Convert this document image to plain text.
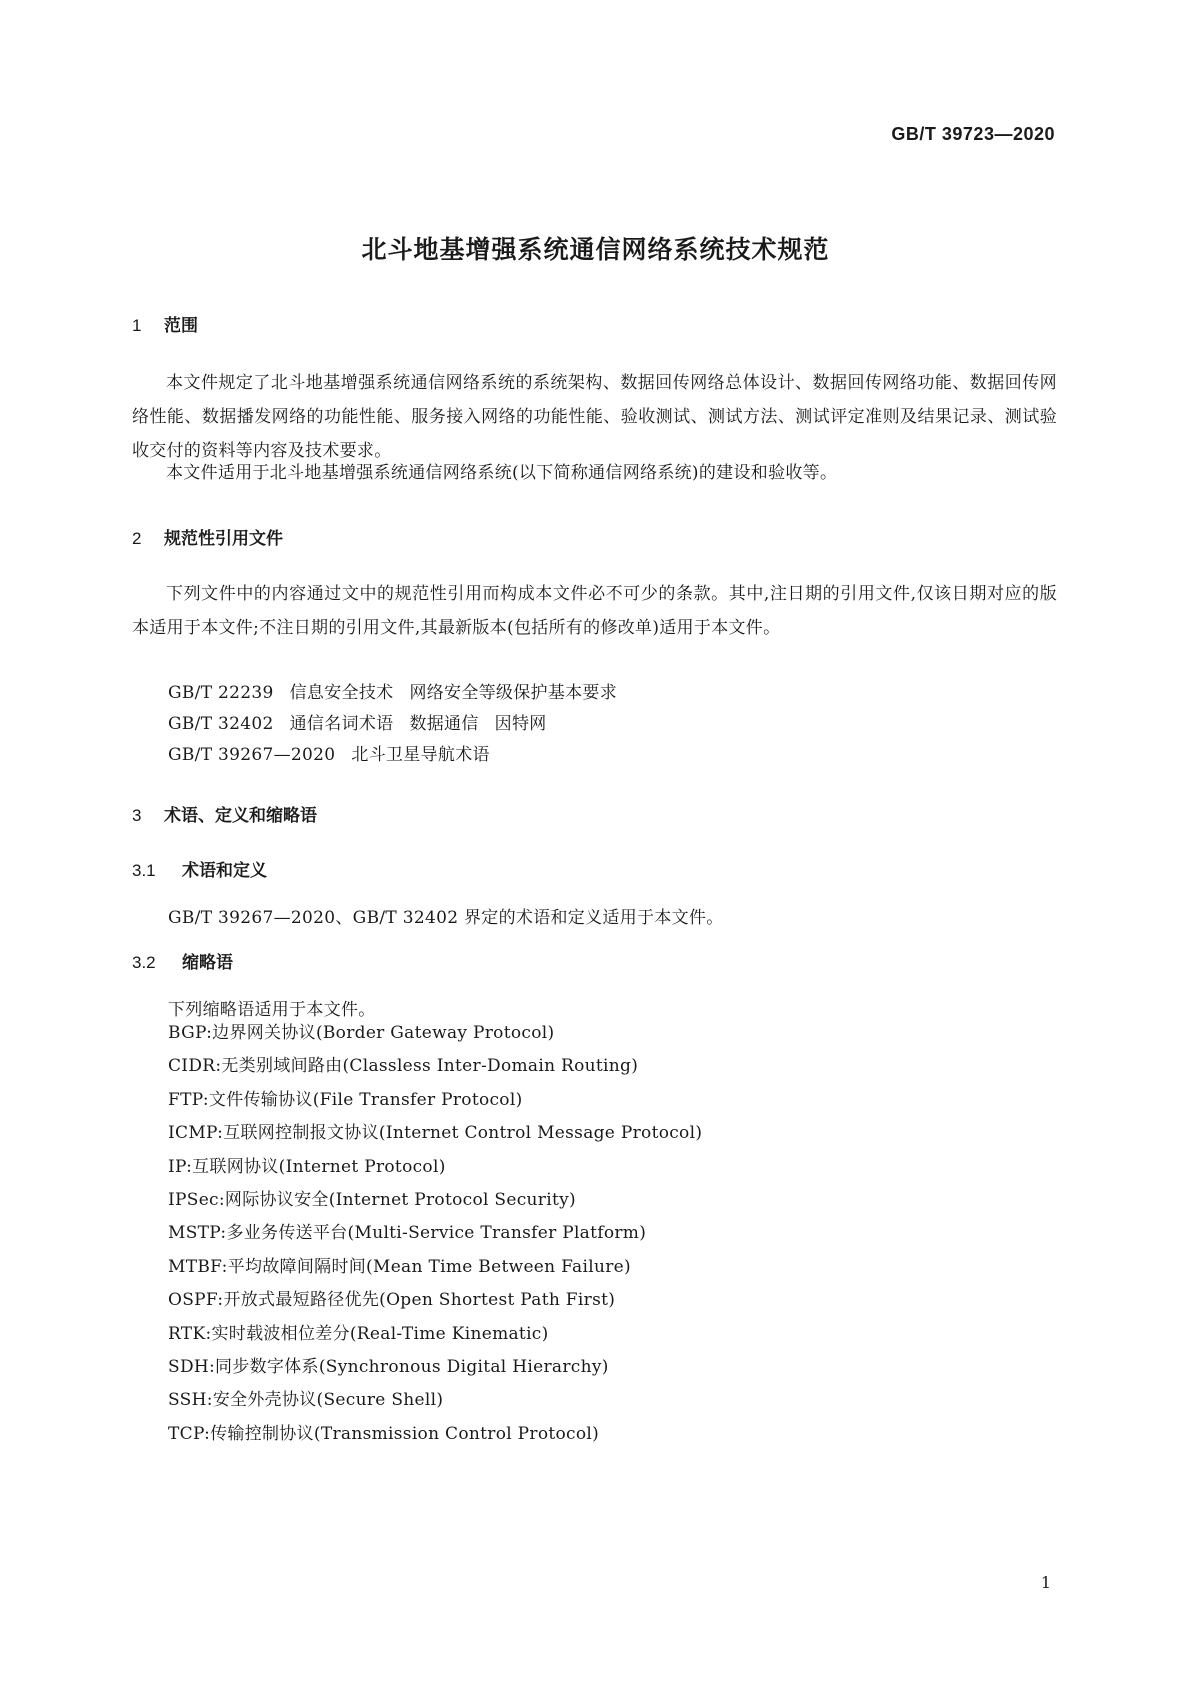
GB/T 39723—2020
北斗地基增强系统通信网络系统技术规范
1 范围
本文件规定了北斗地基增强系统通信网络系统的系统架构、数据回传网络总体设计、数据回传网络功能、数据回传网络性能、数据播发网络的功能性能、服务接入网络的功能性能、验收测试、测试方法、测试评定准则及结果记录、测试验收交付的资料等内容及技术要求。
本文件适用于北斗地基增强系统通信网络系统(以下简称通信网络系统)的建设和验收等。
2 规范性引用文件
下列文件中的内容通过文中的规范性引用而构成本文件必不可少的条款。其中,注日期的引用文件,仅该日期对应的版本适用于本文件;不注日期的引用文件,其最新版本(包括所有的修改单)适用于本文件。
GB/T 22239 信息安全技术 网络安全等级保护基本要求
GB/T 32402 通信名词术语 数据通信 因特网
GB/T 39267—2020 北斗卫星导航术语
3 术语、定义和缩略语
3.1 术语和定义
GB/T 39267—2020、GB/T 32402 界定的术语和定义适用于本文件。
3.2 缩略语
下列缩略语适用于本文件。
BGP:边界网关协议(Border Gateway Protocol)
CIDR:无类别域间路由(Classless Inter-Domain Routing)
FTP:文件传输协议(File Transfer Protocol)
ICMP:互联网控制报文协议(Internet Control Message Protocol)
IP:互联网协议(Internet Protocol)
IPSec:网际协议安全(Internet Protocol Security)
MSTP:多业务传送平台(Multi-Service Transfer Platform)
MTBF:平均故障间隔时间(Mean Time Between Failure)
OSPF:开放式最短路径优先(Open Shortest Path First)
RTK:实时载波相位差分(Real-Time Kinematic)
SDH:同步数字体系(Synchronous Digital Hierarchy)
SSH:安全外壳协议(Secure Shell)
TCP:传输控制协议(Transmission Control Protocol)
1
